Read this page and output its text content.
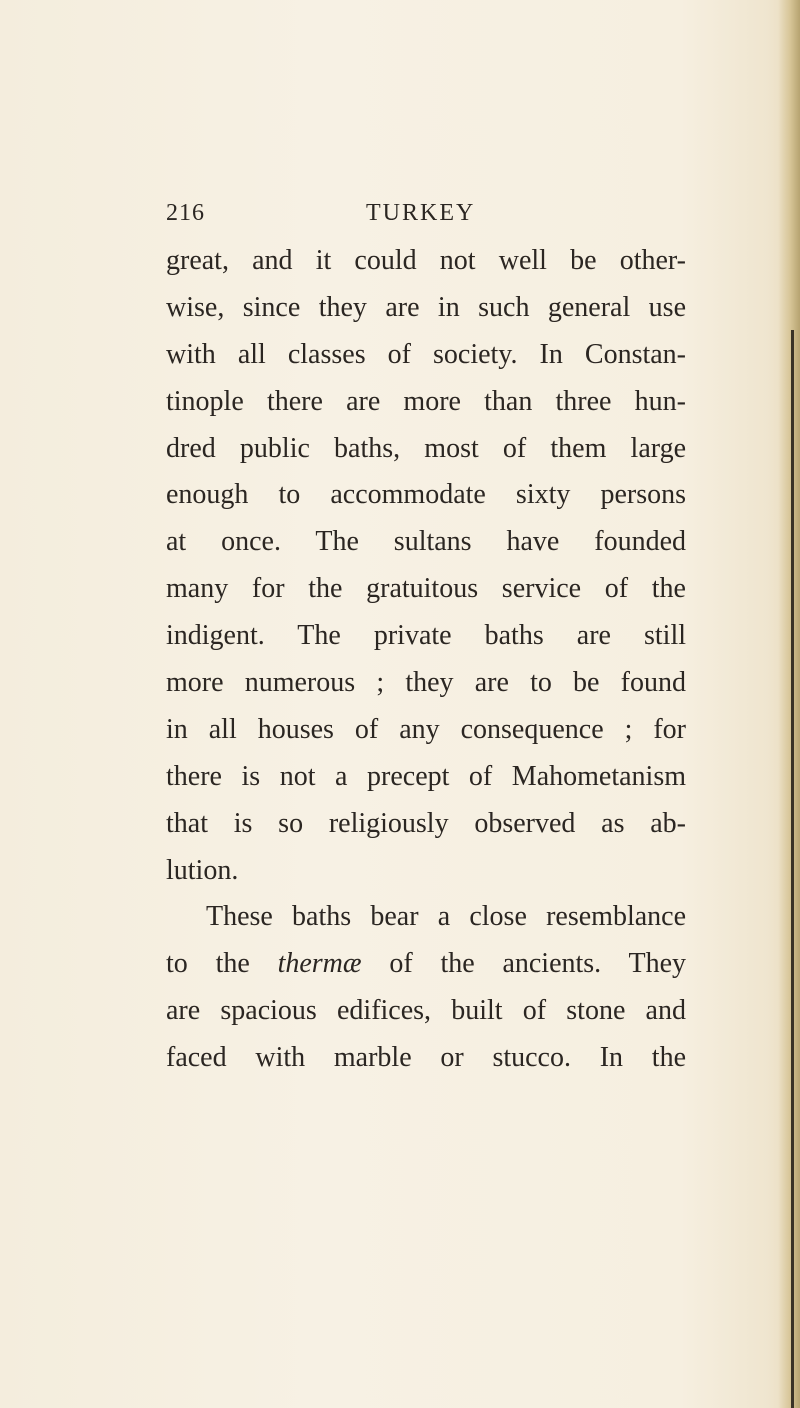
216	TURKEY
great, and it could not well be other-
wise, since they are in such general use
with all classes of society. In Constan-
tinople there are more than three hun-
dred public baths, most of them large
enough to accommodate sixty persons
at once. The sultans have founded
many for the gratuitous service of the
indigent. The private baths are still
more numerous ; they are to be found
in all houses of any consequence ; for
there is not a precept of Mahometanism
that is so religiously observed as ab-
lution.
These baths bear a close resemblance
to the thermæ of the ancients. They
are spacious edifices, built of stone and
faced with marble or stucco. In the
